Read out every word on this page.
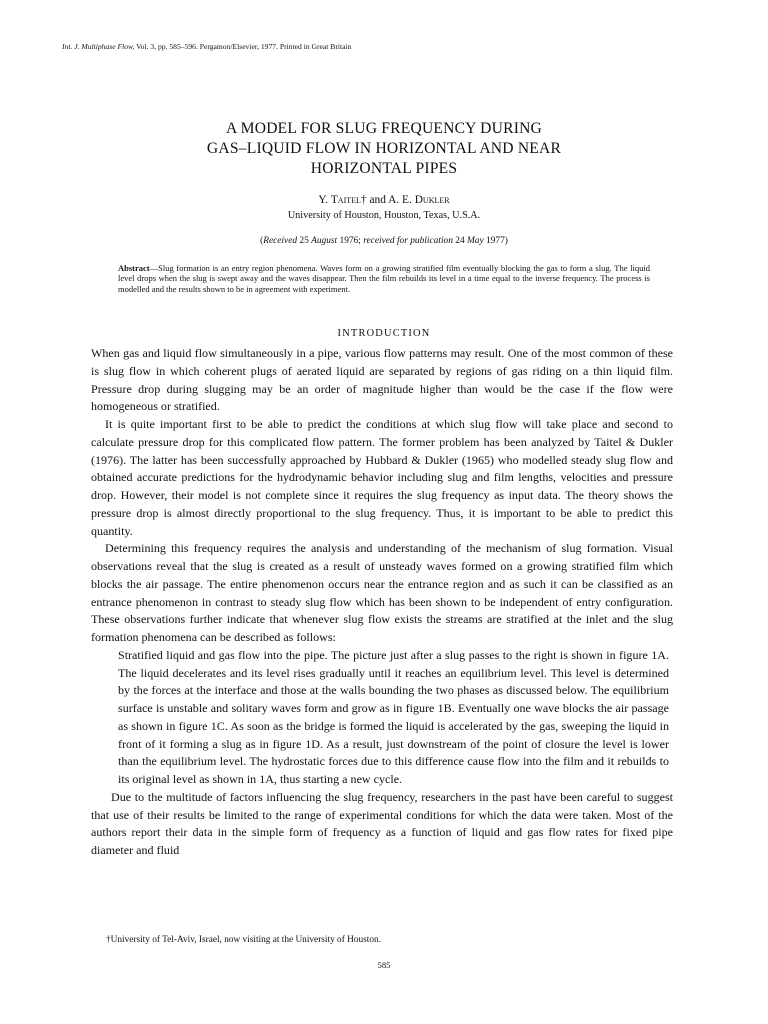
Int. J. Multiphase Flow, Vol. 3, pp. 585–596. Pergamon/Elsevier, 1977. Printed in Great Britain
A MODEL FOR SLUG FREQUENCY DURING
GAS–LIQUID FLOW IN HORIZONTAL AND NEAR
HORIZONTAL PIPES
Y. Taitel† and A. E. Dukler
University of Houston, Houston, Texas, U.S.A.
(Received 25 August 1976; received for publication 24 May 1977)
Abstract—Slug formation is an entry region phenomena. Waves form on a growing stratified film eventually blocking the gas to form a slug. The liquid level drops when the slug is swept away and the waves disappear. Then the film rebuilds its level in a time equal to the inverse frequency. The process is modelled and the results shown to be in agreement with experiment.
INTRODUCTION

When gas and liquid flow simultaneously in a pipe, various flow patterns may result. One of the most common of these is slug flow in which coherent plugs of aerated liquid are separated by regions of gas riding on a thin liquid film. Pressure drop during slugging may be an order of magnitude higher than would be the case if the flow were homogeneous or stratified.

It is quite important first to be able to predict the conditions at which slug flow will take place and second to calculate pressure drop for this complicated flow pattern. The former problem has been analyzed by Taitel & Dukler (1976). The latter has been successfully approached by Hubbard & Dukler (1965) who modelled steady slug flow and obtained accurate predictions for the hydrodynamic behavior including slug and film lengths, velocities and pressure drop. However, their model is not complete since it requires the slug frequency as input data. The theory shows the pressure drop is almost directly proportional to the slug frequency. Thus, it is important to be able to predict this quantity.

Determining this frequency requires the analysis and understanding of the mechanism of slug formation. Visual observations reveal that the slug is created as a result of unsteady waves formed on a growing stratified film which blocks the air passage. The entire phenomenon occurs near the entrance region and as such it can be classified as an entrance phenomenon in contrast to steady slug flow which has been shown to be independent of entry configuration. These observations further indicate that whenever slug flow exists the streams are stratified at the inlet and the slug formation phenomena can be described as follows:

Stratified liquid and gas flow into the pipe. The picture just after a slug passes to the right is shown in figure 1A. The liquid decelerates and its level rises gradually until it reaches an equilibrium level. This level is determined by the forces at the interface and those at the walls bounding the two phases as discussed below. The equilibrium surface is unstable and solitary waves form and grow as in figure 1B. Eventually one wave blocks the air passage as shown in figure 1C. As soon as the bridge is formed the liquid is accelerated by the gas, sweeping the liquid in front of it forming a slug as in figure 1D. As a result, just downstream of the point of closure the level is lower than the equilibrium level. The hydrostatic forces due to this difference cause flow into the film and it rebuilds to its original level as shown in 1A, thus starting a new cycle.

Due to the multitude of factors influencing the slug frequency, researchers in the past have been careful to suggest that use of their results be limited to the range of experimental conditions for which the data were taken. Most of the authors report their data in the simple form of frequency as a function of liquid and gas flow rates for fixed pipe diameter and fluid

†University of Tel-Aviv, Israel, now visiting at the University of Houston.
585
